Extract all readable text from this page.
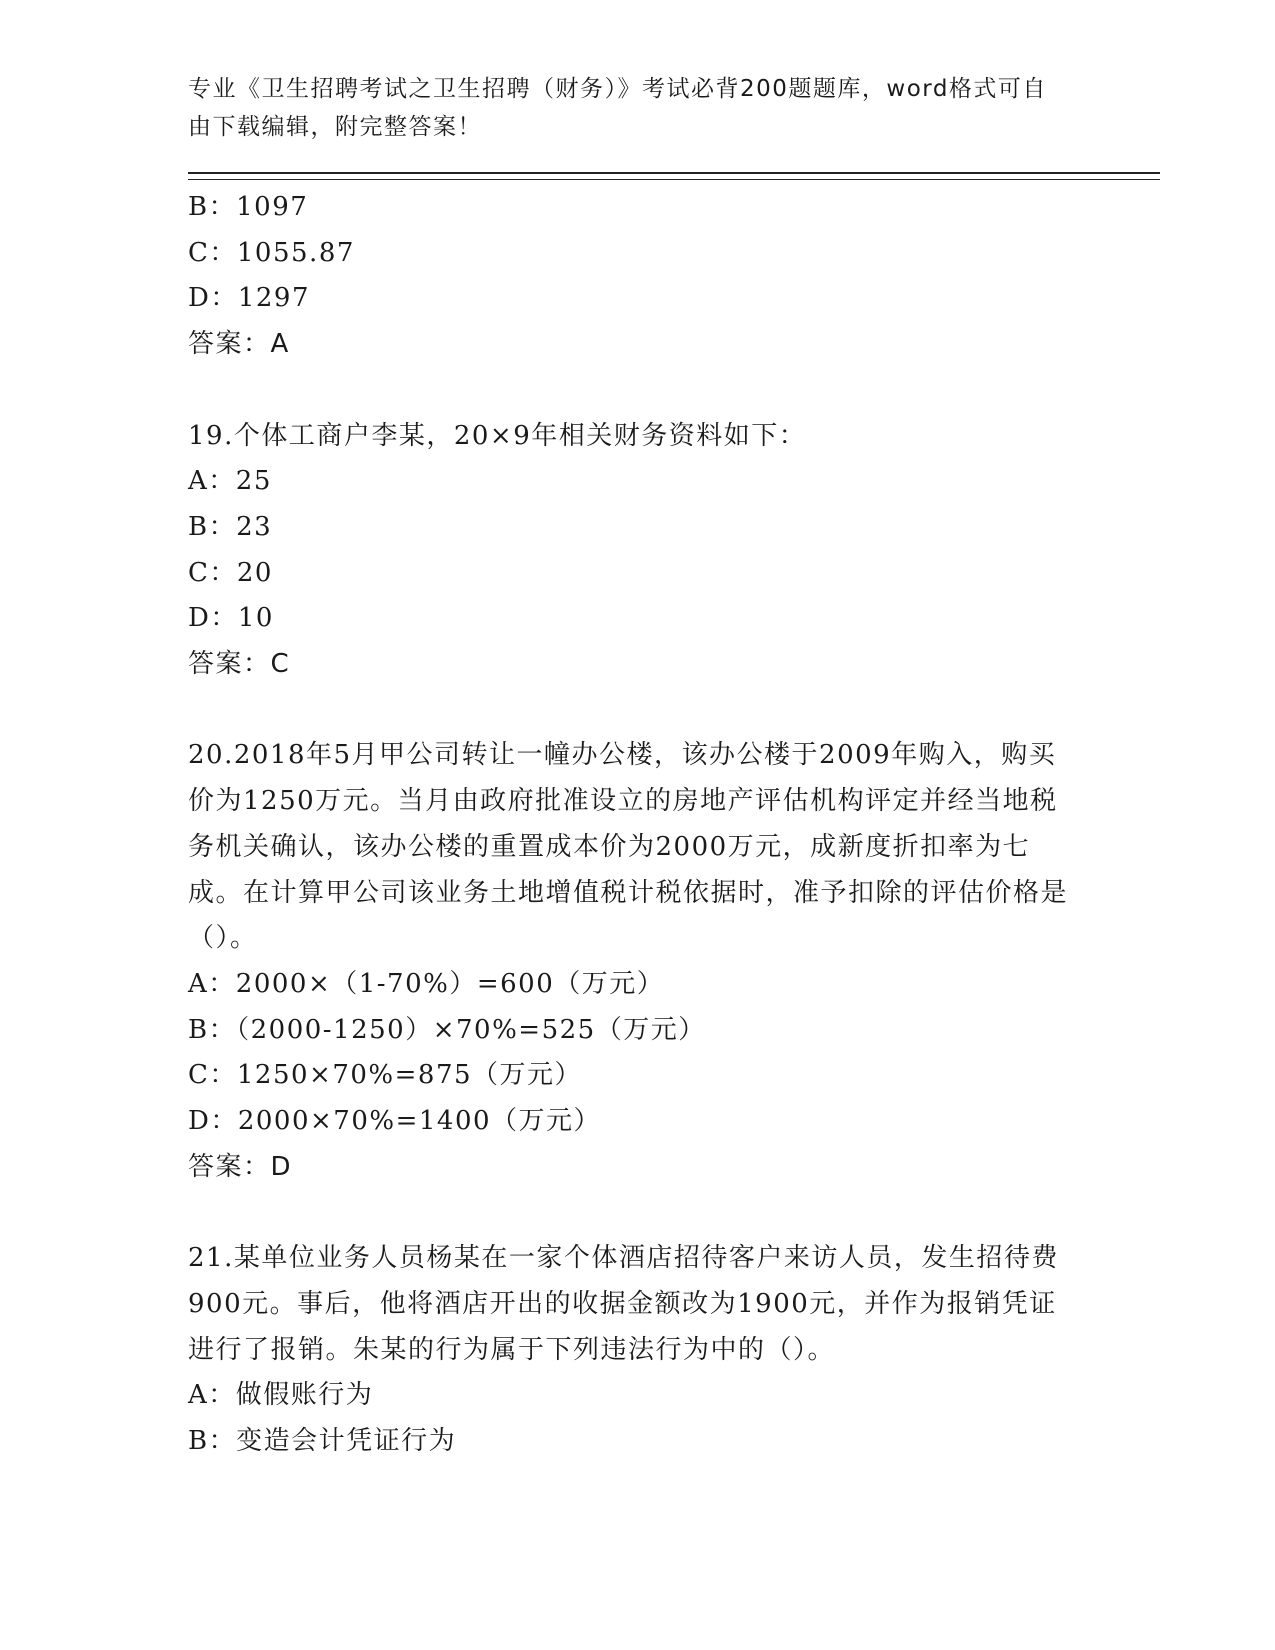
专业《卫生招聘考试之卫生招聘（财务）》考试必背200题题库，word格式可自由下载编辑，附完整答案！

B：1097
C：1055.87
D：1297
答案：A
19.个体工商户李某，20×9年相关财务资料如下：
A：25
B：23
C：20
D：10
答案：C
20.2018年5月甲公司转让一幢办公楼，该办公楼于2009年购入，购买价为1250万元。当月由政府批准设立的房地产评估机构评定并经当地税务机关确认，该办公楼的重置成本价为2000万元，成新度折扣率为七成。在计算甲公司该业务土地增值税计税依据时，准予扣除的评估价格是（）。
A：2000×（1-70%）=600（万元）
B：（2000-1250）×70%=525（万元）
C：1250×70%=875（万元）
D：2000×70%=1400（万元）
答案：D
21.某单位业务人员杨某在一家个体酒店招待客户来访人员，发生招待费900元。事后，他将酒店开出的收据金额改为1900元，并作为报销凭证进行了报销。朱某的行为属于下列违法行为中的（）。
A：做假账行为
B：变造会计凭证行为
